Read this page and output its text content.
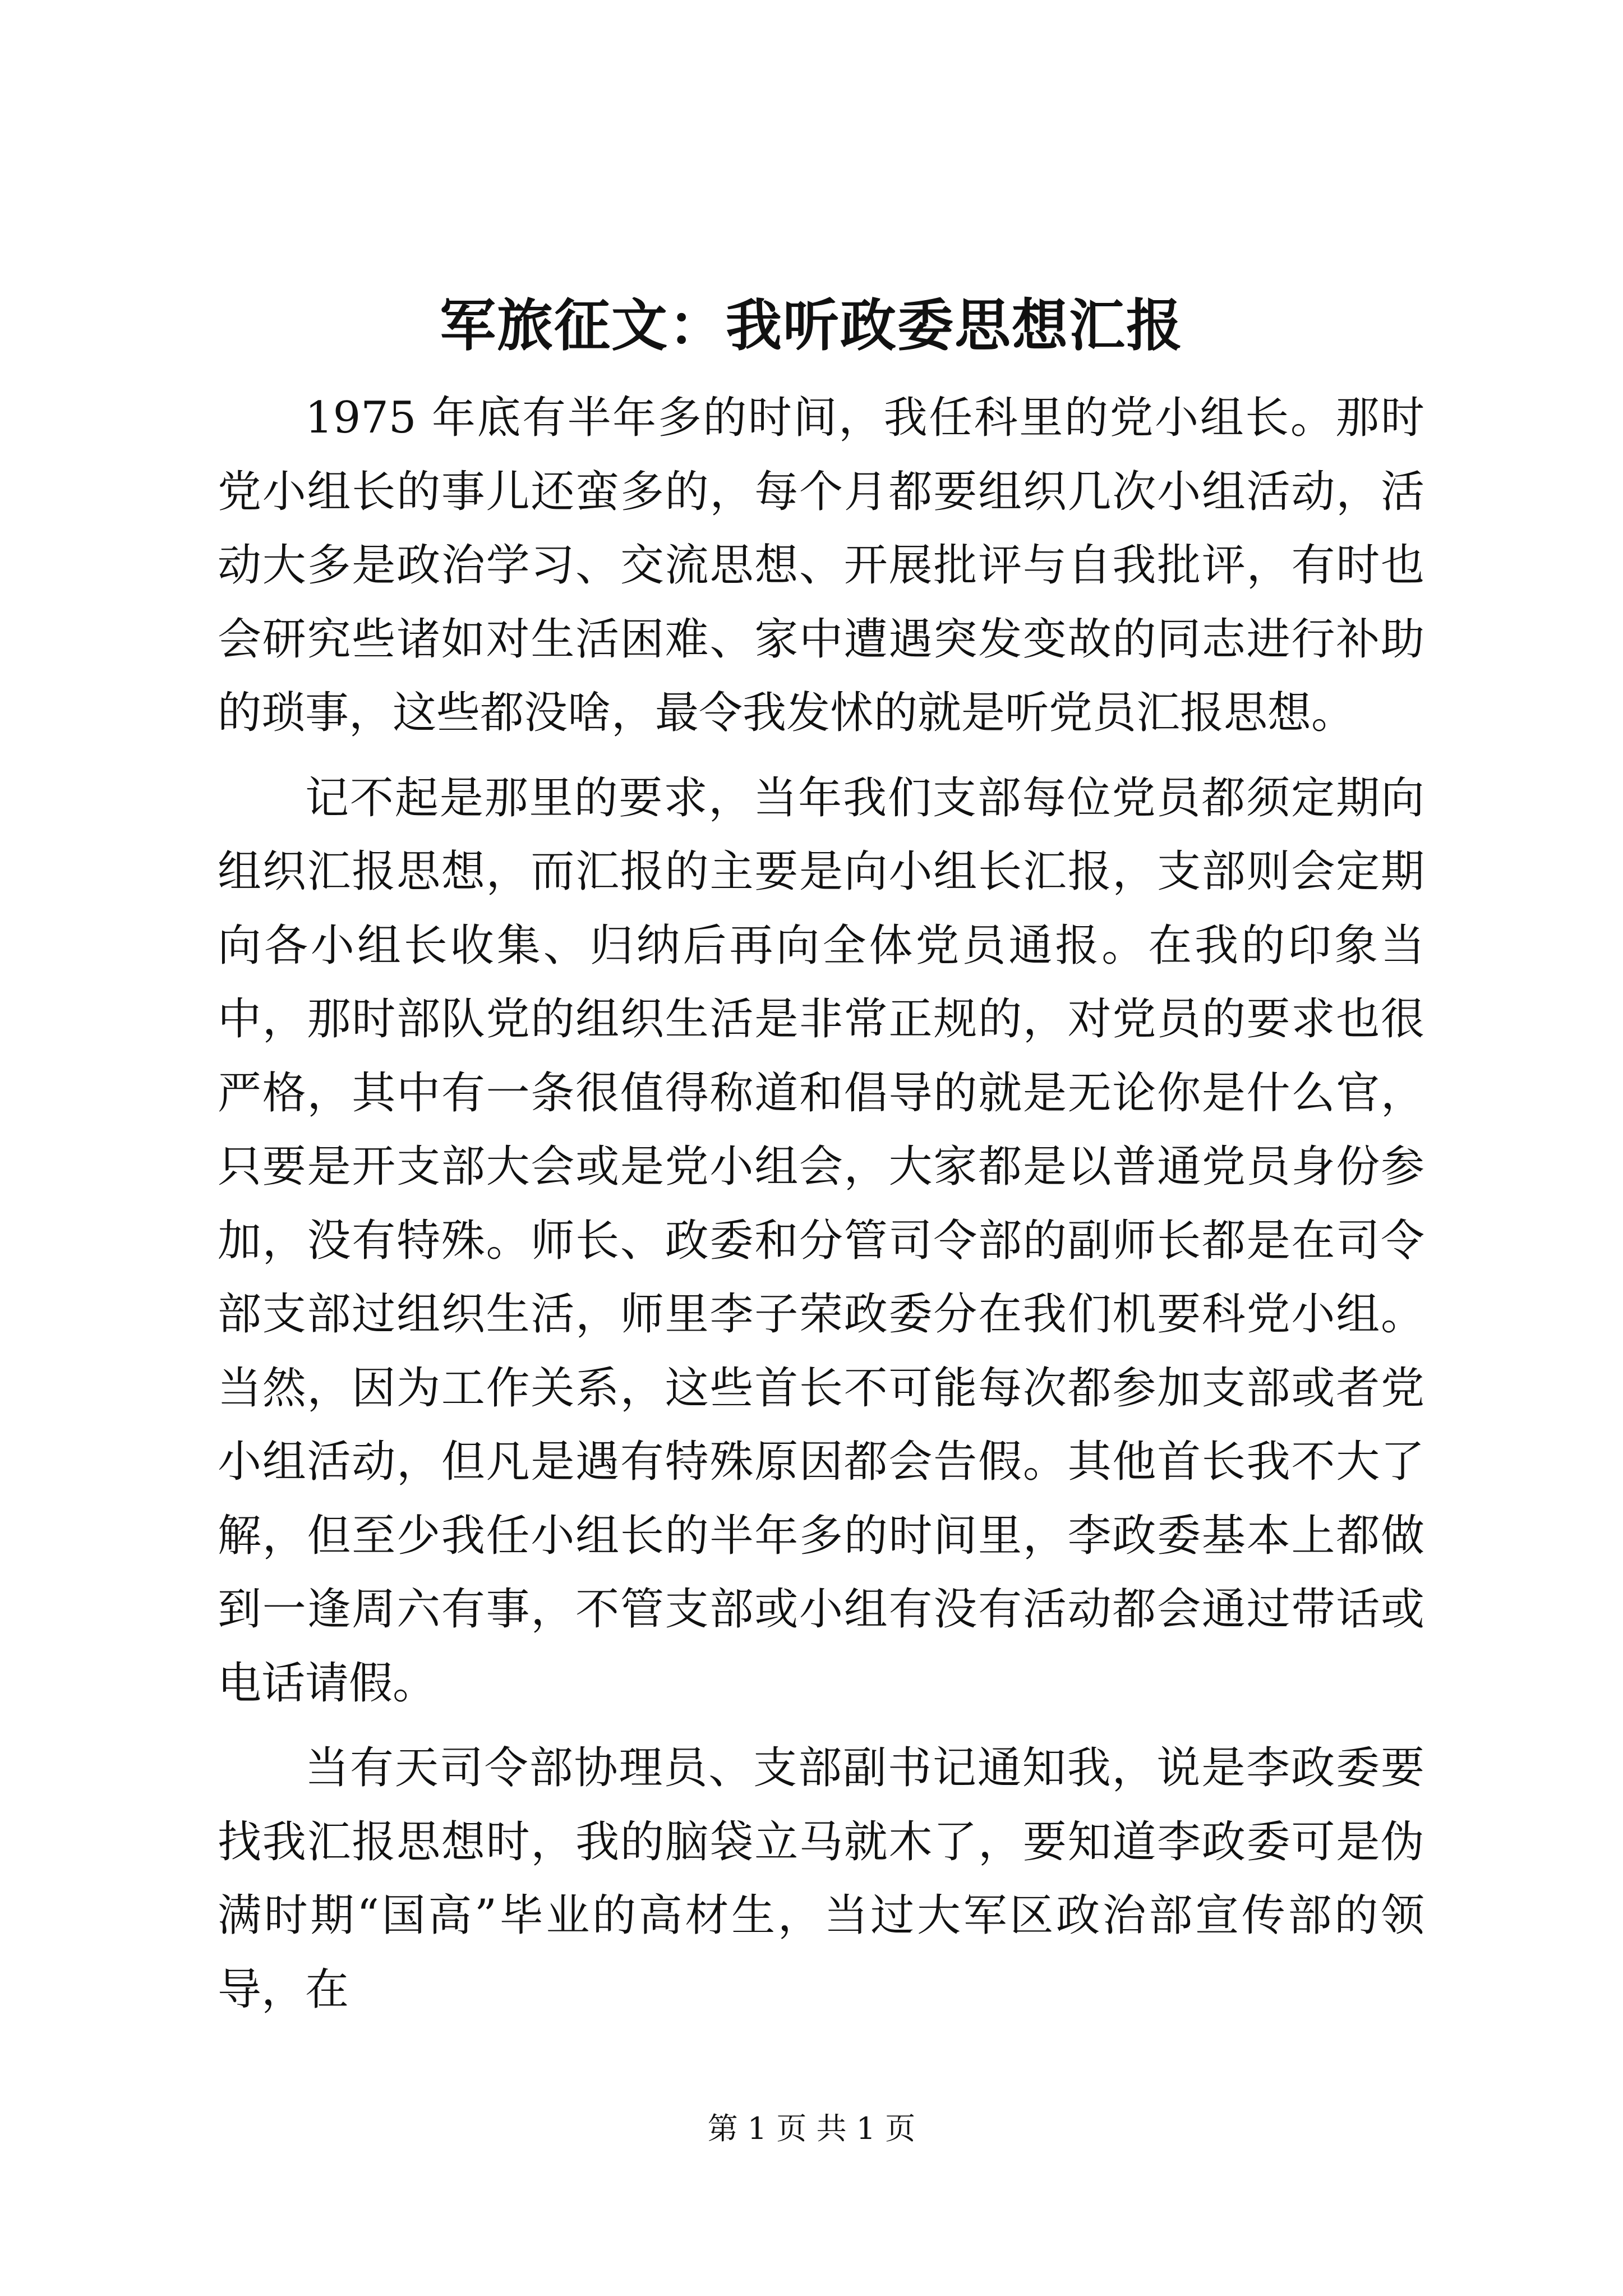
军旅征文：我听政委思想汇报

1975 年底有半年多的时间，我任科里的党小组长。那时党小组长的事儿还蛮多的，每个月都要组织几次小组活动，活动大多是政治学习、交流思想、开展批评与自我批评，有时也会研究些诸如对生活困难、家中遭遇突发变故的同志进行补助的琐事，这些都没啥，最令我发怵的就是听党员汇报思想。

记不起是那里的要求，当年我们支部每位党员都须定期向组织汇报思想，而汇报的主要是向小组长汇报，支部则会定期向各小组长收集、归纳后再向全体党员通报。在我的印象当中，那时部队党的组织生活是非常正规的，对党员的要求也很严格，其中有一条很值得称道和倡导的就是无论你是什么官，只要是开支部大会或是党小组会，大家都是以普通党员身份参加，没有特殊。师长、政委和分管司令部的副师长都是在司令部支部过组织生活，师里李子荣政委分在我们机要科党小组。当然，因为工作关系，这些首长不可能每次都参加支部或者党小组活动，但凡是遇有特殊原因都会告假。其他首长我不大了解，但至少我任小组长的半年多的时间里，李政委基本上都做到一逢周六有事，不管支部或小组有没有活动都会通过带话或电话请假。

当有天司令部协理员、支部副书记通知我，说是李政委要找我汇报思想时，我的脑袋立马就木了，要知道李政委可是伪满时期“国高”毕业的高材生，当过大军区政治部宣传部的领导，在

第 1 页 共 1 页
